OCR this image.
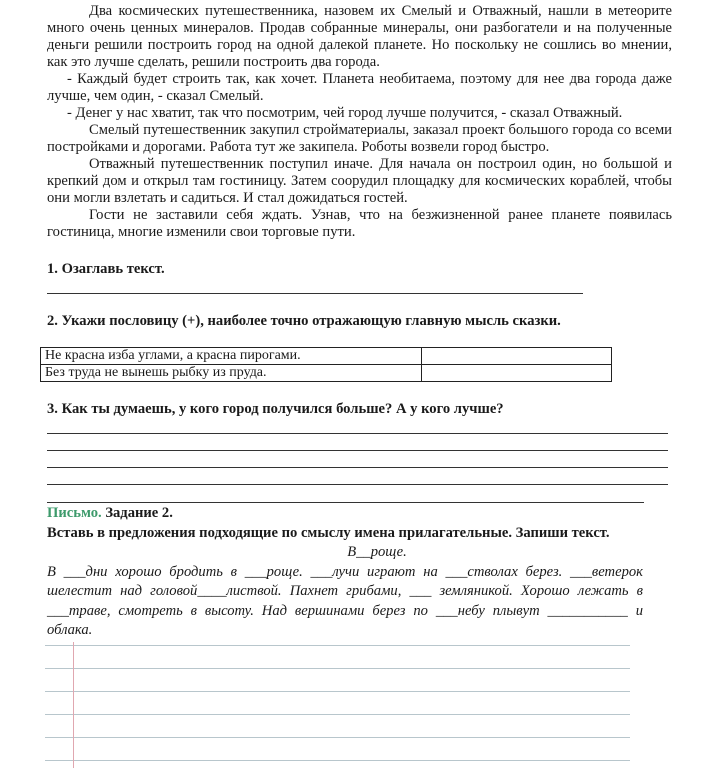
Два космических путешественника, назовем их Смелый и Отважный, нашли в метеорите много очень ценных минералов. Продав собранные минералы, они разбогатели и на полученные деньги решили построить город на одной далекой планете. Но поскольку не сошлись во мнении, как это лучше сделать, решили построить два города.

- Каждый будет строить так, как хочет. Планета необитаема, поэтому для нее два города даже лучше, чем один, - сказал Смелый.

- Денег у нас хватит, так что посмотрим, чей город лучше получится, - сказал Отважный.

Смелый путешественник закупил стройматериалы, заказал проект большого города со всеми постройками и дорогами. Работа тут же закипела. Роботы возвели город быстро.

Отважный путешественник поступил иначе. Для начала он построил один, но большой и крепкий дом и открыл там гостиницу. Затем соорудил площадку для космических кораблей, чтобы они могли взлетать и садиться. И стал дожидаться гостей.

Гости не заставили себя ждать. Узнав, что на безжизненной ранее планете появилась гостиница, многие изменили свои торговые пути.

1. Озаглавь текст.
2. Укажи пословицу (+), наиболее точно отражающую главную мысль сказки.
Не красна изба углами, а красна пирогами.	
Без труда не вынешь рыбку из пруда.	
3. Как ты думаешь, у кого город получился больше? А у кого лучше?
Письмо. Задание 2.
Вставь в предложения подходящие по смыслу имена прилагательные. Запиши текст.
В__роще.
В ___дни хорошо бродить в ___роще. ___лучи играют на ___стволах берез. ___ветерок шелестит над головой____листвой. Пахнет грибами, ___ земляникой. Хорошо лежать в ___траве, смотреть в высоту. Над вершинами берез по ___небу плывут ___________ и облака.
